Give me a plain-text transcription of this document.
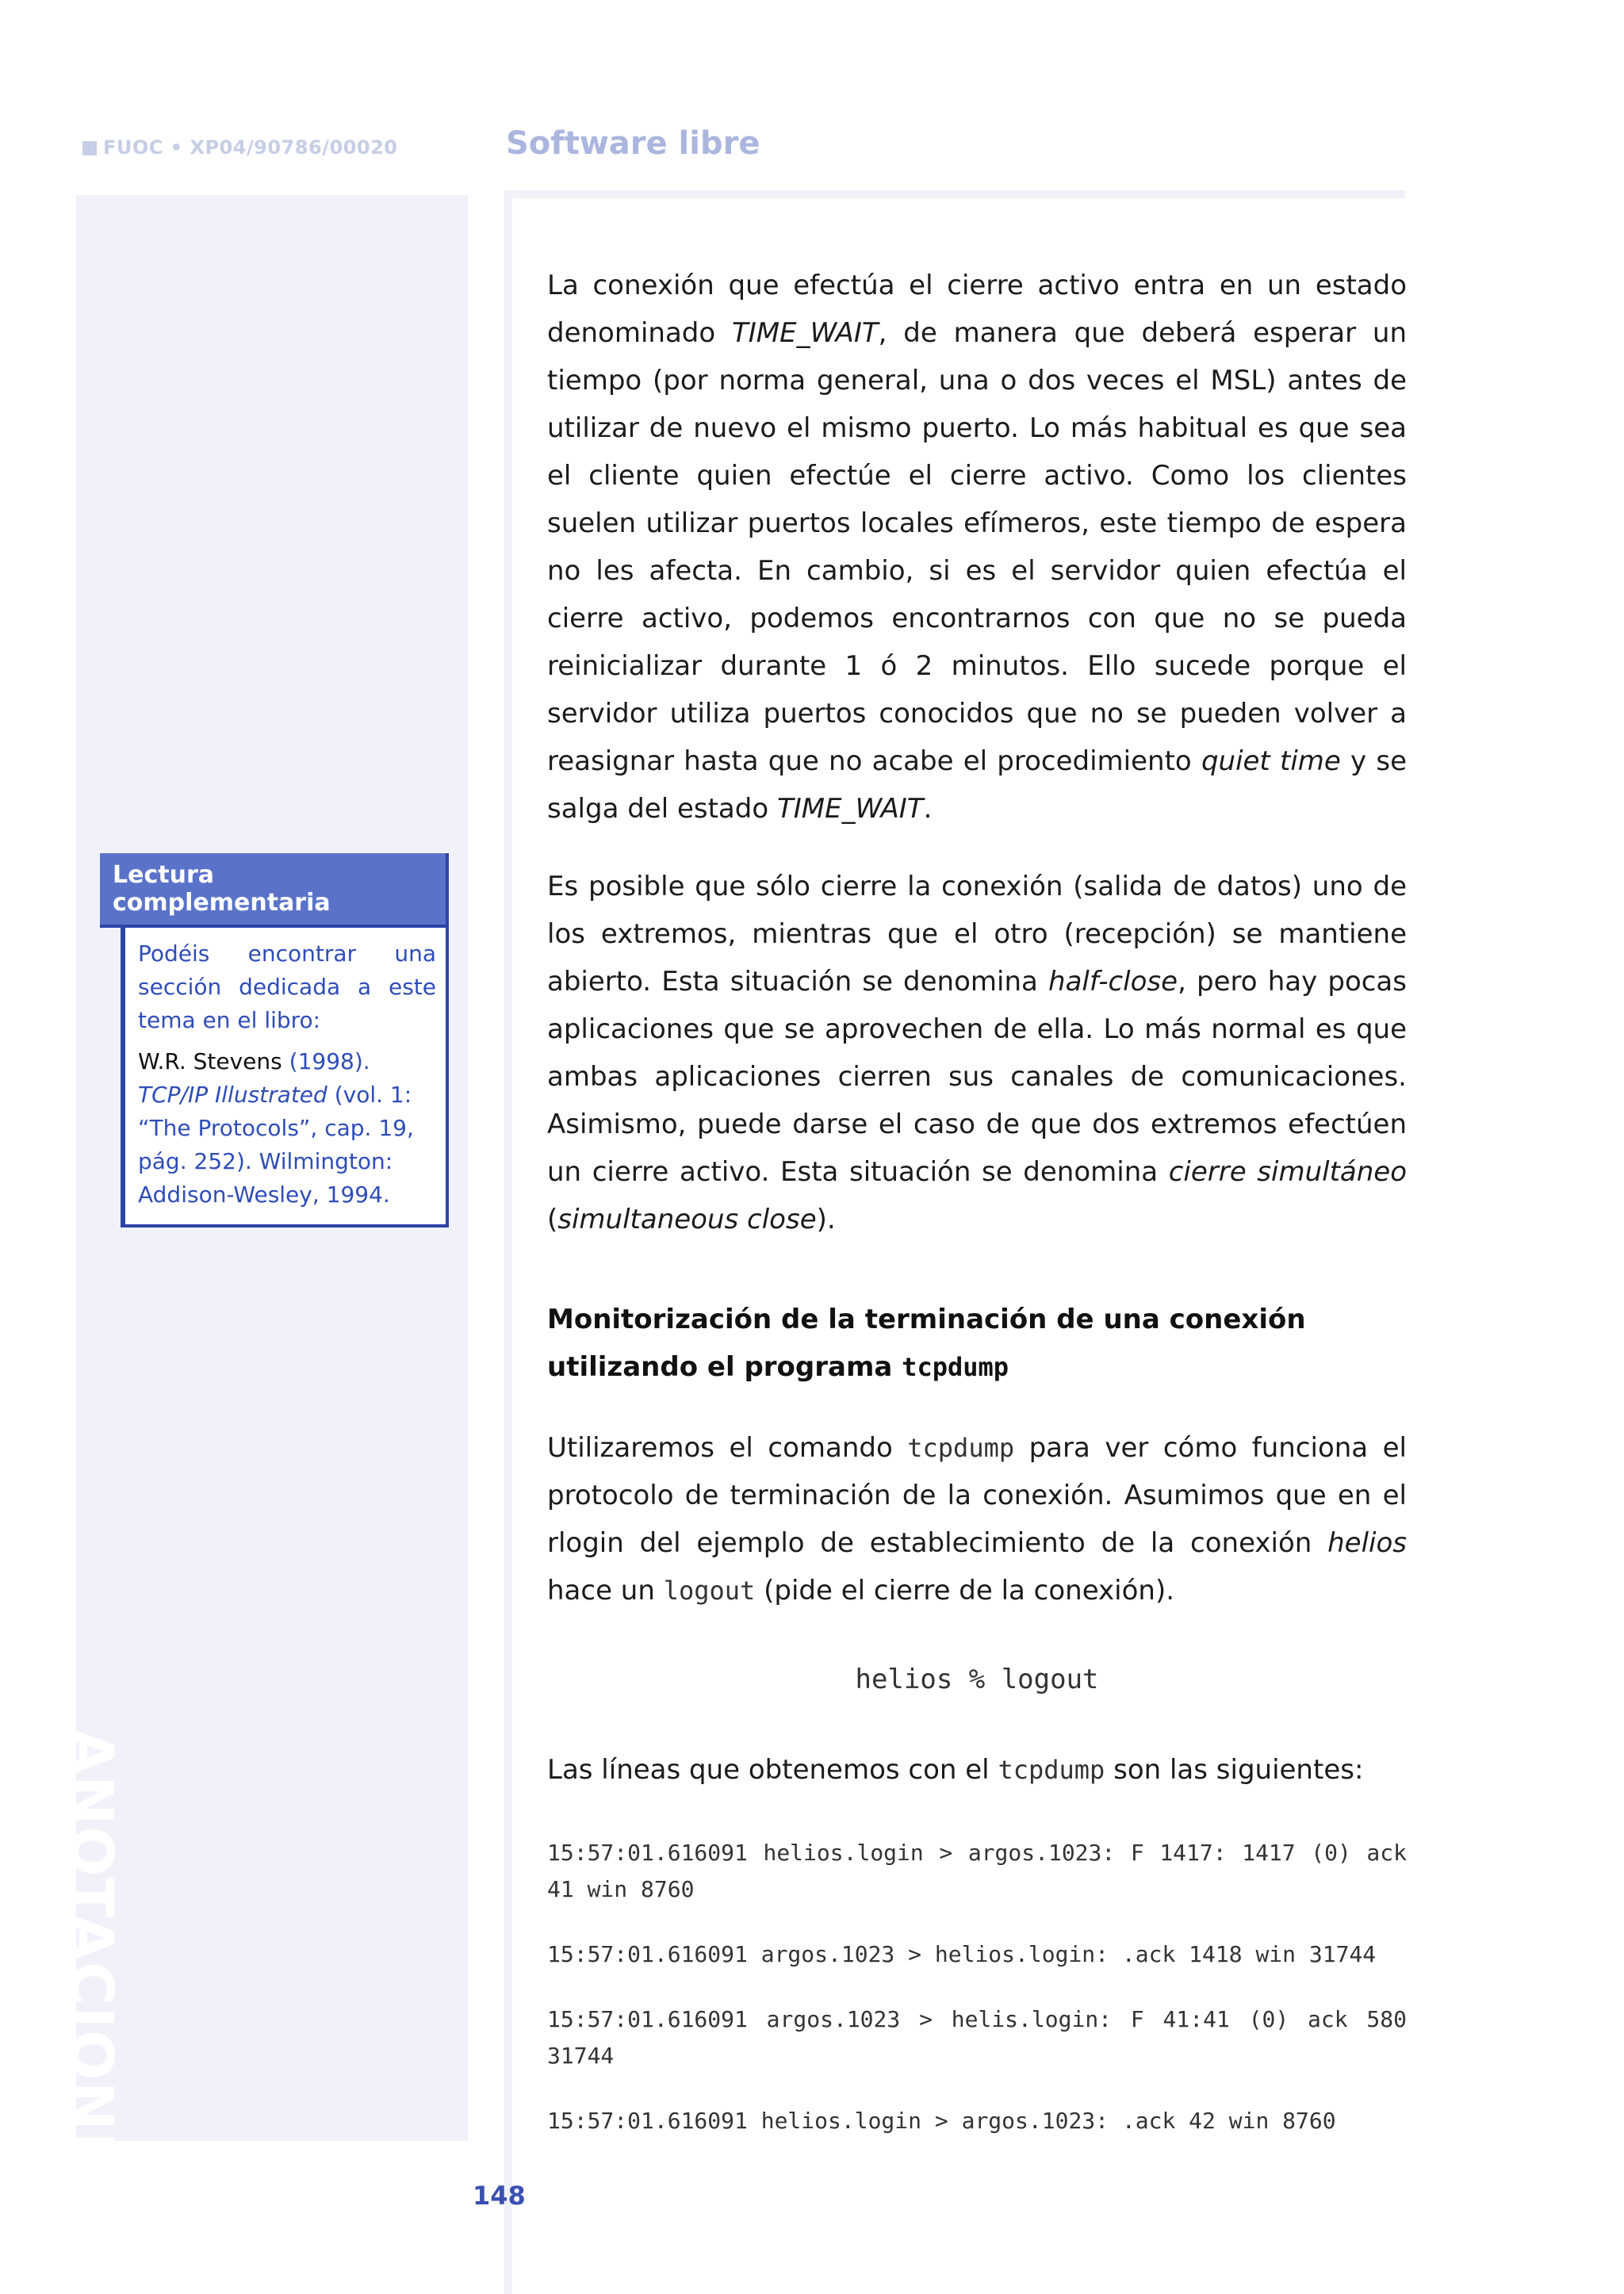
FUOC • XP04/90786/00020	Software libre
ANOTACIONES
Lectura complementaria

Podéis encontrar una sección dedicada a este tema en el libro:

W.R. Stevens (1998).
TCP/IP Illustrated (vol. 1: “The Protocols”, cap. 19, pág. 252). Wilmington: Addison-Wesley, 1994.

La conexión que efectúa el cierre activo entra en un estado denominado TIME_WAIT, de manera que deberá esperar un tiempo (por norma general, una o dos veces el MSL) antes de utilizar de nuevo el mismo puerto. Lo más habitual es que sea el cliente quien efectúe el cierre activo. Como los clientes suelen utilizar puertos locales efímeros, este tiempo de espera no les afecta. En cambio, si es el servidor quien efectúa el cierre activo, podemos encontrarnos con que no se pueda reinicializar durante 1 ó 2 minutos. Ello sucede porque el servidor utiliza puertos conocidos que no se pueden volver a reasignar hasta que no acabe el procedimiento quiet time y se salga del estado TIME_WAIT.

Es posible que sólo cierre la conexión (salida de datos) uno de los extremos, mientras que el otro (recepción) se mantiene abierto. Esta situación se denomina half-close, pero hay pocas aplicaciones que se aprovechen de ella. Lo más normal es que ambas aplicaciones cierren sus canales de comunicaciones. Asimismo, puede darse el caso de que dos extremos efectúen un cierre activo. Esta situación se denomina cierre simultáneo (simultaneous close).

Monitorización de la terminación de una conexión utilizando el programa tcpdump

Utilizaremos el comando tcpdump para ver cómo funciona el protocolo de terminación de la conexión. Asumimos que en el rlogin del ejemplo de establecimiento de la conexión helios hace un logout (pide el cierre de la conexión).

helios % logout

Las líneas que obtenemos con el tcpdump son las siguientes:

15:57:01.616091 helios.login > argos.1023: F 1417: 1417 (0) ack 41 win 8760
15:57:01.616091 argos.1023 > helios.login: .ack 1418 win 31744
15:57:01.616091 argos.1023 > helis.login: F 41:41 (0) ack 580 31744
15:57:01.616091 helios.login > argos.1023: .ack 42 win 8760
148
